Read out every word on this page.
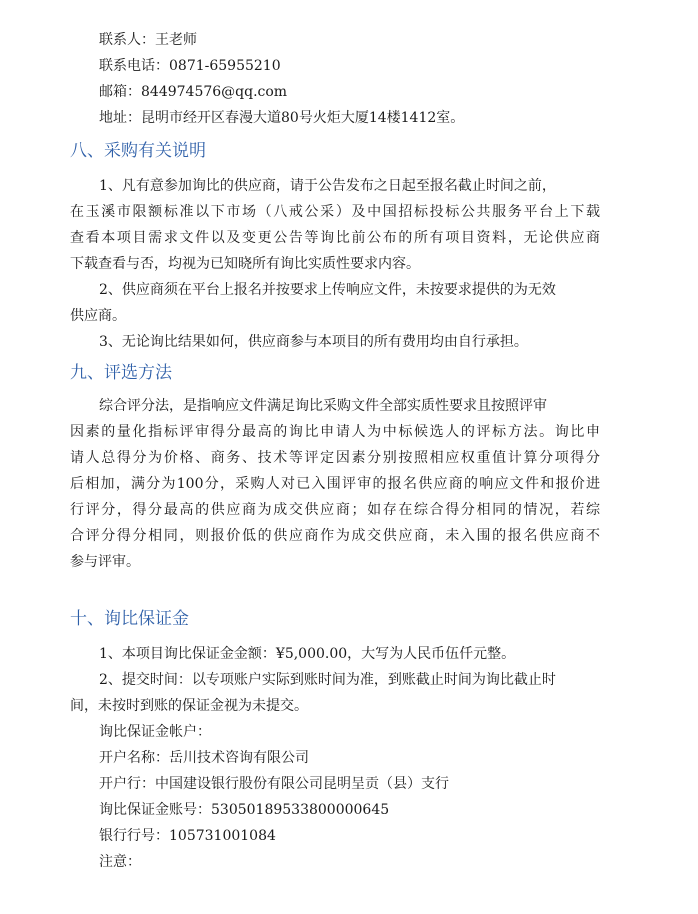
联系人：王老师
联系电话：0871-65955210
邮箱：844974576@qq.com
地址：昆明市经开区春漫大道80号火炬大厦14楼1412室。
八、采购有关说明
1、凡有意参加询比的供应商，请于公告发布之日起至报名截止时间之前，
在玉溪市限额标准以下市场（八戒公采）及中国招标投标公共服务平台上下载
查看本项目需求文件以及变更公告等询比前公布的所有项目资料，无论供应商
下载查看与否，均视为已知晓所有询比实质性要求内容。
2、供应商须在平台上报名并按要求上传响应文件，未按要求提供的为无效
供应商。
3、无论询比结果如何，供应商参与本项目的所有费用均由自行承担。
九、评选方法
综合评分法，是指响应文件满足询比采购文件全部实质性要求且按照评审
因素的量化指标评审得分最高的询比申请人为中标候选人的评标方法。询比申
请人总得分为价格、商务、技术等评定因素分别按照相应权重值计算分项得分
后相加，满分为100分，采购人对已入围评审的报名供应商的响应文件和报价进
行评分，得分最高的供应商为成交供应商；如存在综合得分相同的情况，若综
合评分得分相同，则报价低的供应商作为成交供应商，未入围的报名供应商不
参与评审。
十、询比保证金
1、本项目询比保证金金额：¥5,000.00，大写为人民币伍仟元整。
2、提交时间：以专项账户实际到账时间为准，到账截止时间为询比截止时
间，未按时到账的保证金视为未提交。
询比保证金帐户：
开户名称：岳川技术咨询有限公司
开户行：中国建设银行股份有限公司昆明呈贡（县）支行
询比保证金账号：53050189533800000645
银行行号：105731001084
注意：
